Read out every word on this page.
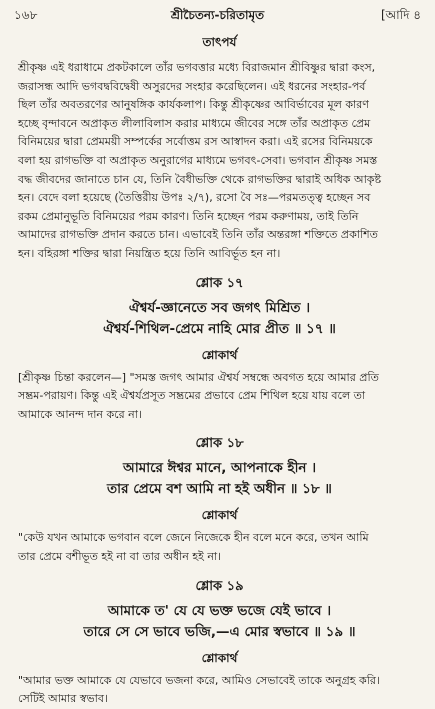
১৬৮	শ্রীচৈতন্য-চরিতামৃত	[আদি ৪
তাৎপর্য
শ্রীকৃষ্ণ এই ধরাধামে প্রকটকালে তাঁর ভগবত্তার মধ্যে বিরাজমান শ্রীবিষ্ণুর দ্বারা কংস,
জরাসন্ধ আদি ভগবদ্ববিদ্বেষী অসুরদের সংহার করেছিলেন। এই ধরনের সংহার-পর্ব
ছিল তাঁর অবতরণের আনুষঙ্গিক কার্যকলাপ। কিন্তু শ্রীকৃষ্ণের আবির্ভাবের মূল কারণ
হচ্ছে বৃন্দাবনে অপ্রাকৃত লীলাবিলাস করার মাধ্যমে জীবের সঙ্গে তাঁর অপ্রাকৃত প্রেম
বিনিময়ের দ্বারা প্রেমময়ী সম্পর্কের সর্বোত্তম রস আস্বাদন করা। এই রসের বিনিময়কে
বলা হয় রাগভক্তি বা অপ্রাকৃত অনুরাগের মাধ্যমে ভগবৎ-সেবা। ভগবান শ্রীকৃষ্ণ সমস্ত
বদ্ধ জীবদের জানাতে চান যে, তিনি বৈধীভক্তি থেকে রাগভক্তির দ্বারাই অধিক আকৃষ্ট
হন। বেদে বলা হয়েছে (তৈত্তিরীয় উপঃ ২/৭), রসো বৈ সঃ—পরমতত্ত্ব হচ্ছেন সব
রকম প্রেমানুভূতি বিনিময়ের পরম কারণ। তিনি হচ্ছেন পরম করুণাময়, তাই তিনি
আমাদের রাগভক্তি প্রদান করতে চান। এভাবেই তিনি তাঁর অন্তরঙ্গা শক্তিতে প্রকাশিত
হন। বহিরঙ্গা শক্তির দ্বারা নিয়ন্ত্রিত হয়ে তিনি আবির্ভূত হন না।
শ্লোক ১৭
ঐশ্বর্য-জ্ঞানেতে সব জগৎ মিশ্রিত ।
ঐশ্বর্য-শিথিল-প্রেমে নাহি মোর প্রীত ॥ ১৭ ॥
শ্লোকার্থ
[শ্রীকৃষ্ণ চিন্তা করলেন—] "সমস্ত জগৎ আমার ঐশ্বর্য সম্বন্ধে অবগত হয়ে আমার প্রতি
সম্ভ্রম-পরায়ণ। কিন্তু এই ঐশ্বর্যপ্রসূত সম্ভ্রমের প্রভাবে প্রেম শিথিল হয়ে যায় বলে তা
আমাকে আনন্দ দান করে না।
শ্লোক ১৮
আমারে ঈশ্বর মানে, আপনাকে হীন ।
তার প্রেমে বশ আমি না হই অধীন ॥ ১৮ ॥
শ্লোকার্থ
"কেউ যখন আমাকে ভগবান বলে জেনে নিজেকে হীন বলে মনে করে, তখন আমি
তার প্রেমে বশীভূত হই না বা তার অধীন হই না।
শ্লোক ১৯
আমাকে ত' যে যে ভক্ত ভজে যেই ভাবে ।
তারে সে সে ভাবে ভজি,—এ মোর স্বভাবে ॥ ১৯ ॥
শ্লোকার্থ
"আমার ভক্ত আমাকে যে যেভাবে ভজনা করে, আমিও সেভাবেই তাকে অনুগ্রহ করি।
সেটিই আমার স্বভাব।
